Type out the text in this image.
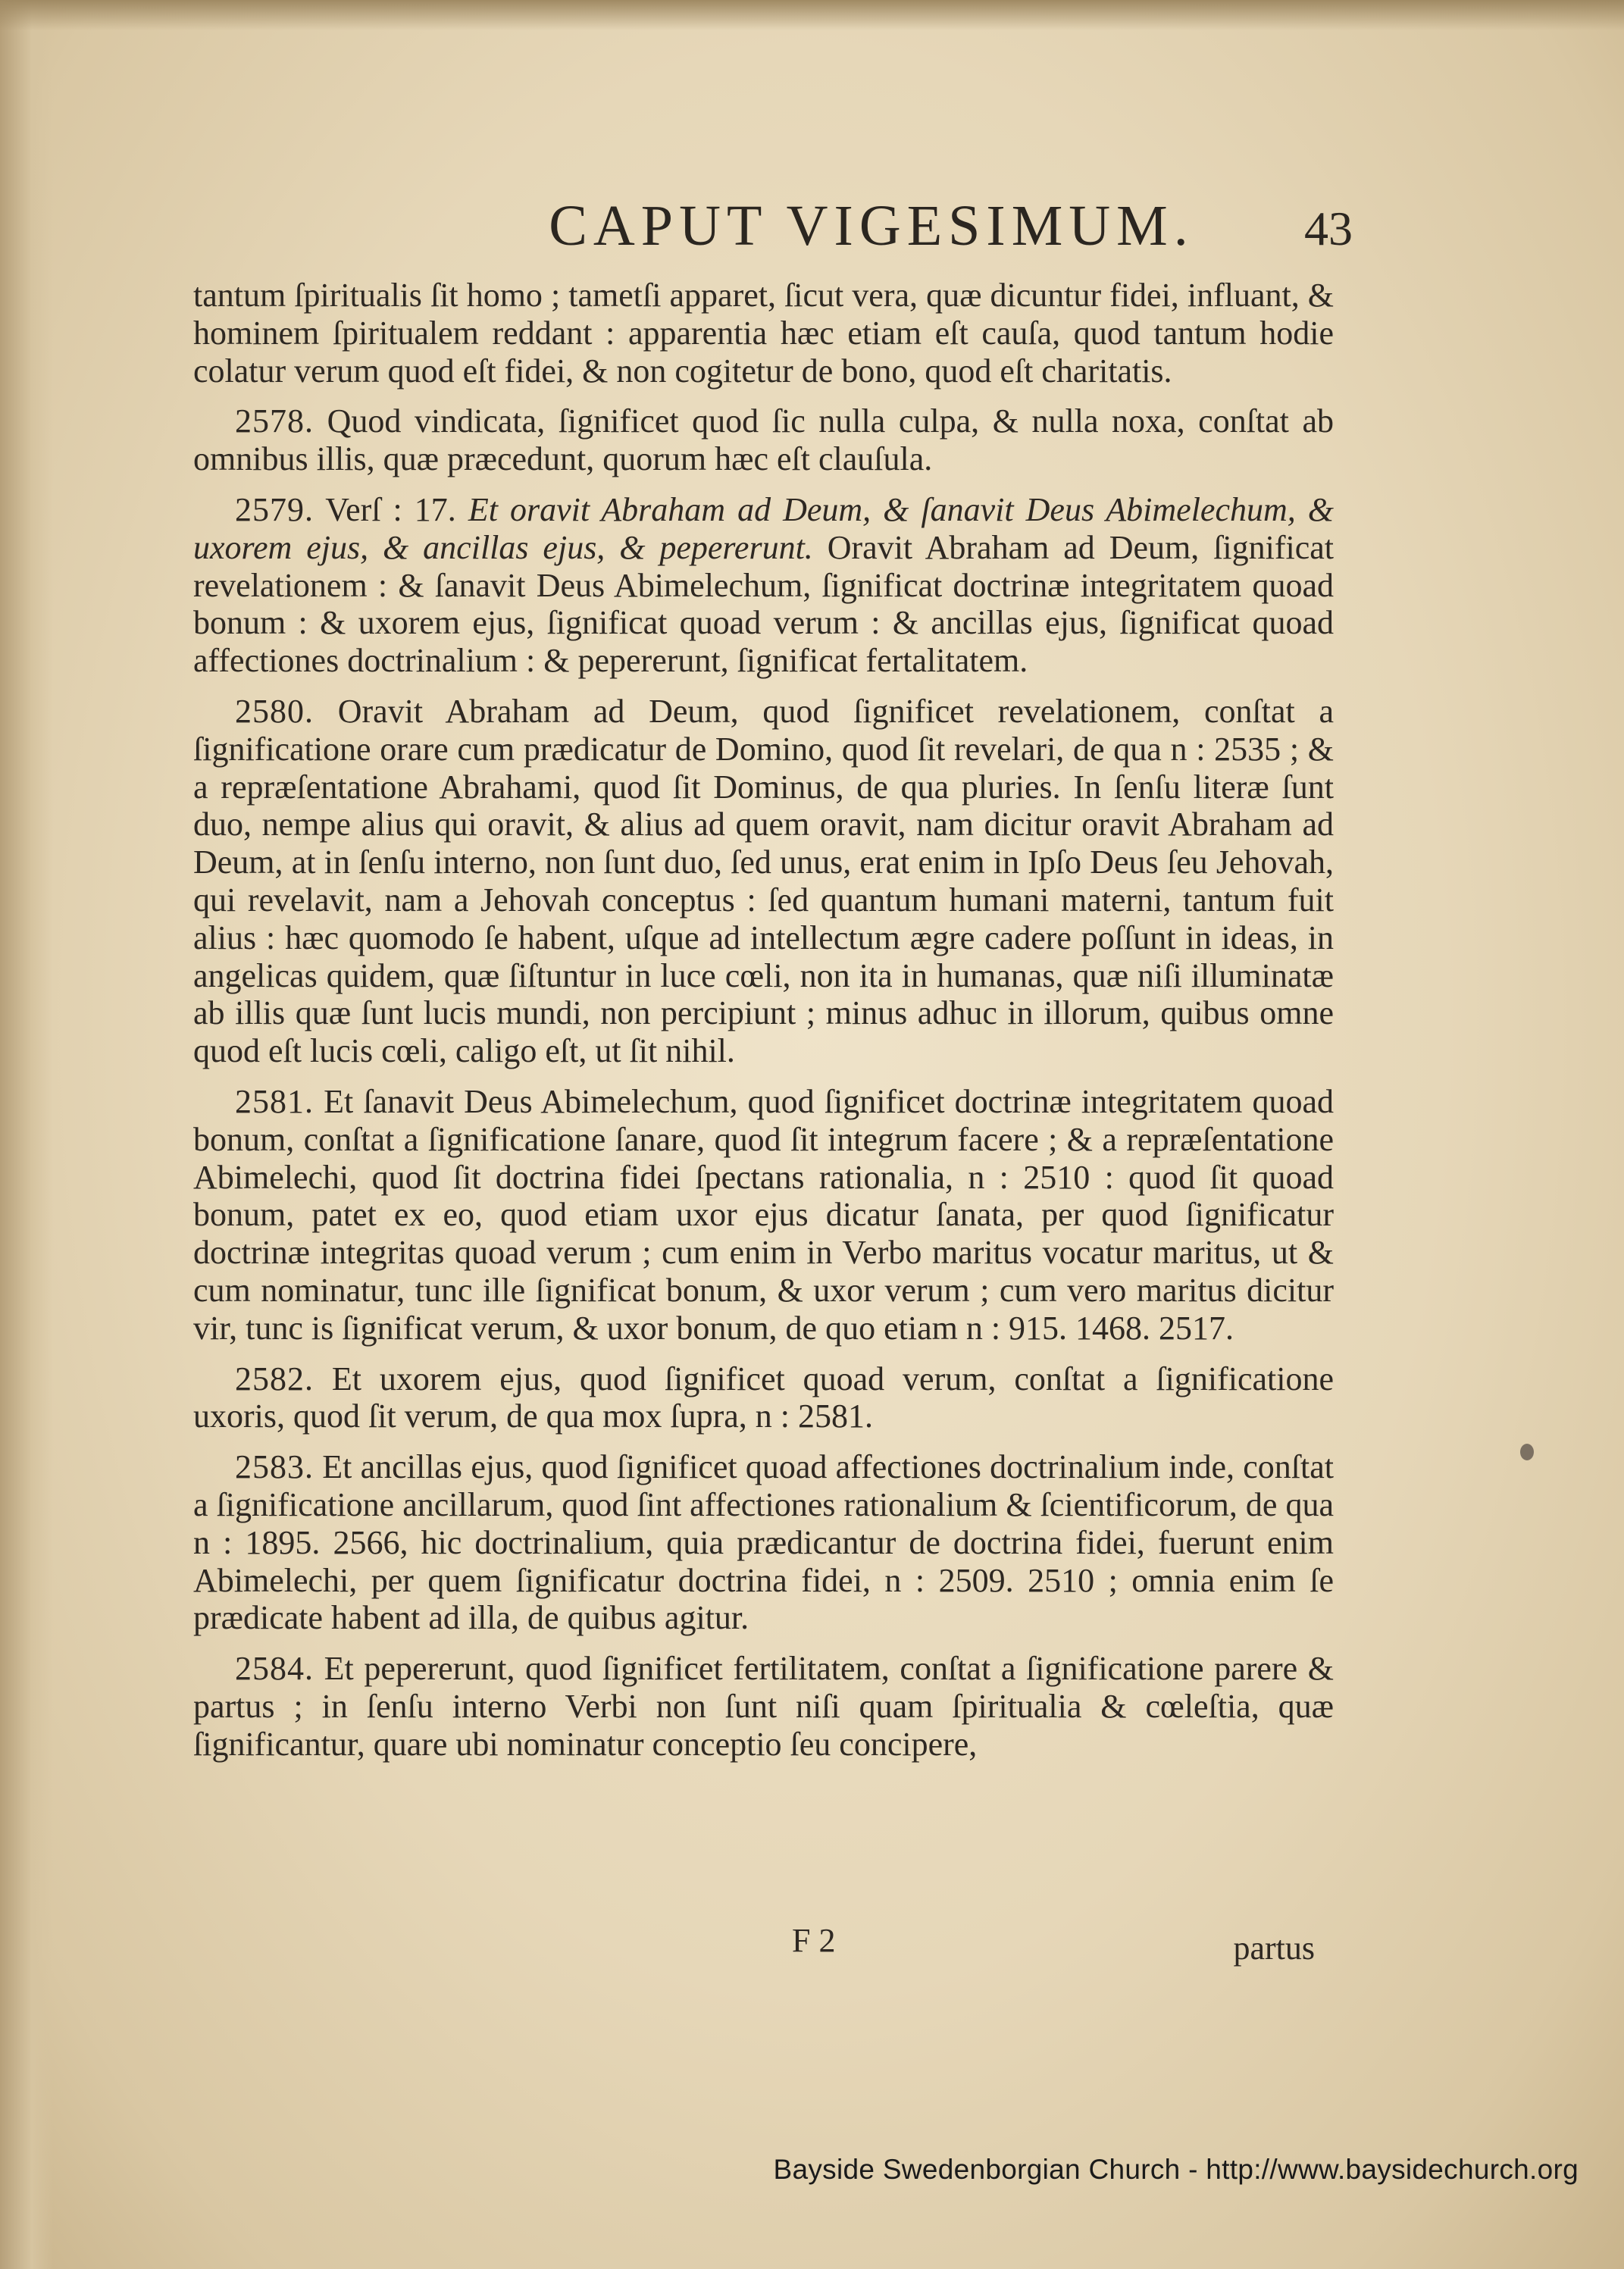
CAPUT VIGESIMUM.	43

tantum ſpiritualis ſit homo ; tametſi apparet, ſicut vera, quæ dicuntur fidei, influant, & hominem ſpiritualem reddant : apparentia hæc etiam eſt cauſa, quod tantum hodie colatur verum quod eſt fidei, & non cogitetur de bono, quod eſt charitatis.

2578. Quod vindicata, ſignificet quod ſic nulla culpa, & nulla noxa, conſtat ab omnibus illis, quæ præcedunt, quorum hæc eſt clauſula.

2579. Verſ : 17. Et oravit Abraham ad Deum, & ſanavit Deus Abimelechum, & uxorem ejus, & ancillas ejus, & pepererunt. Oravit Abraham ad Deum, ſignificat revelationem : & ſanavit Deus Abimelechum, ſignificat doctrinæ integritatem quoad bonum : & uxorem ejus, ſignificat quoad verum : & ancillas ejus, ſignificat quoad affectiones doctrinalium : & pepererunt, ſignificat fertalitatem.

2580. Oravit Abraham ad Deum, quod ſignificet revelationem, conſtat a ſignificatione orare cum prædicatur de Domino, quod ſit revelari, de qua n : 2535 ; & a repræſentatione Abrahami, quod ſit Dominus, de qua pluries. In ſenſu literæ ſunt duo, nempe alius qui oravit, & alius ad quem oravit, nam dicitur oravit Abraham ad Deum, at in ſenſu interno, non ſunt duo, ſed unus, erat enim in Ipſo Deus ſeu Jehovah, qui revelavit, nam a Jehovah conceptus : ſed quantum humani materni, tantum fuit alius : hæc quomodo ſe habent, uſque ad intellectum ægre cadere poſſunt in ideas, in angelicas quidem, quæ ſiſtuntur in luce cœli, non ita in humanas, quæ niſi illuminatæ ab illis quæ ſunt lucis mundi, non percipiunt ; minus adhuc in illorum, quibus omne quod eſt lucis cœli, caligo eſt, ut ſit nihil.

2581. Et ſanavit Deus Abimelechum, quod ſignificet doctrinæ integritatem quoad bonum, conſtat a ſignificatione ſanare, quod ſit integrum facere ; & a repræſentatione Abimelechi, quod ſit doctrina fidei ſpectans rationalia, n : 2510 : quod ſit quoad bonum, patet ex eo, quod etiam uxor ejus dicatur ſanata, per quod ſignificatur doctrinæ integritas quoad verum ; cum enim in Verbo maritus vocatur maritus, ut & cum nominatur, tunc ille ſignificat bonum, & uxor verum ; cum vero maritus dicitur vir, tunc is ſignificat verum, & uxor bonum, de quo etiam n : 915. 1468. 2517.

2582. Et uxorem ejus, quod ſignificet quoad verum, conſtat a ſignificatione uxoris, quod ſit verum, de qua mox ſupra, n : 2581.

2583. Et ancillas ejus, quod ſignificet quoad affectiones doctrinalium inde, conſtat a ſignificatione ancillarum, quod ſint affectiones rationalium & ſcientificorum, de qua n : 1895. 2566, hic doctrinalium, quia prædicantur de doctrina fidei, fuerunt enim Abimelechi, per quem ſignificatur doctrina fidei, n : 2509. 2510 ; omnia enim ſe prædicate habent ad illa, de quibus agitur.

2584. Et pepererunt, quod ſignificet fertilitatem, conſtat a ſignificatione parere & partus ; in ſenſu interno Verbi non ſunt niſi quam ſpiritualia & cœleſtia, quæ ſignificantur, quare ubi nominatur conceptio ſeu concipere,

F 2	partus
Bayside Swedenborgian Church - http://www.baysidechurch.org
